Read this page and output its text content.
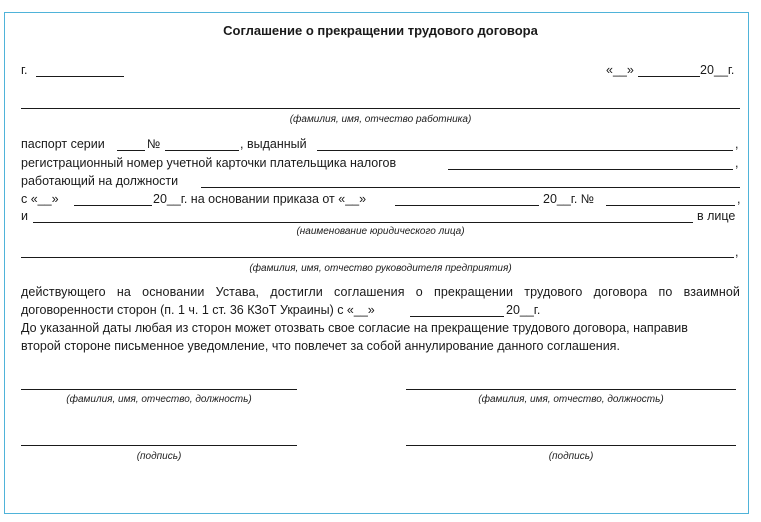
Соглашение о прекращении трудового договора
г.	«__»	20 __г.
(фамилия, имя, отчество работника)
паспорт серии	№	, выданный	,
регистрационный номер учетной карточки плательщика налогов	,
работающий на должности
с «__»	20__г. на основании приказа от «__»	20__г. №	,
и	в лице
(наименование юридического лица)
,
(фамилия, имя, отчество руководителя предприятия)
действующего на основании Устава, достигли соглашения о прекращении трудового договора по взаимной
договоренности сторон (п. 1 ч. 1 ст. 36 КЗоТ Украины) с «__»	20__г.
До указанной даты любая из сторон может отозвать свое согласие на прекращение трудового договора, направив
второй стороне письменное уведомление, что повлечет за собой аннулирование данного соглашения.
(фамилия, имя, отчество, должность)	(фамилия, имя, отчество, должность)
(подпись)	(подпись)
